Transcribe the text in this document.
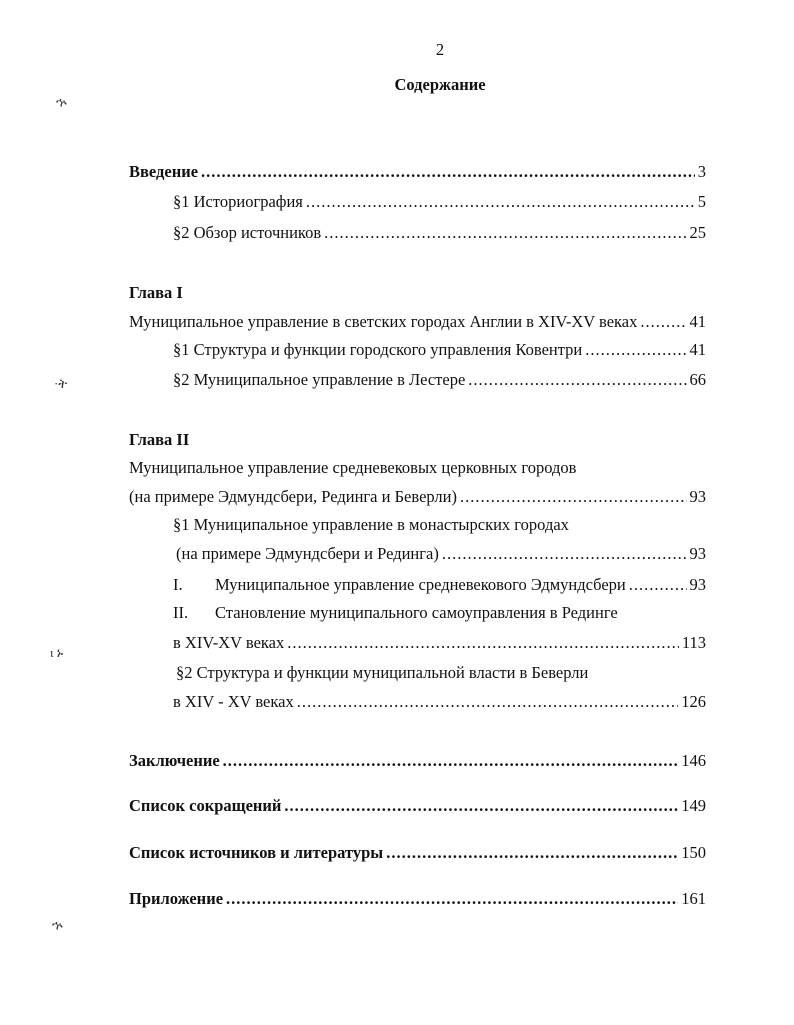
2
Содержание
Введение .....	3
§1 Историография .....	5
§2 Обзор источников .....	25
Глава I
Муниципальное управление в светских городах Англии в XIV-XV веках .....	41
§1 Структура и функции городского управления Ковентри .....	41
§2 Муниципальное управление в Лестере .....	66
Глава II
Муниципальное управление средневековых церковных городов
(на примере Эдмундсбери, Рединга и Беверли) .....	93
§1 Муниципальное управление в монастырских городах
(на примере Эдмундсбери и Рединга) .....	93
I.	Муниципальное управление средневекового Эдмундсбери .....	93
II.	Становление муниципального самоуправления в Рединге
в XIV-XV веках .....	113
§2 Структура и функции муниципальной власти в Беверли
в XIV - XV веках .....	126
Заключение .....	146
Список сокращений .....	149
Список источников и литературы .....	150
Приложение .....	161
ኍ
·ት
ι ኑ
ኍ
